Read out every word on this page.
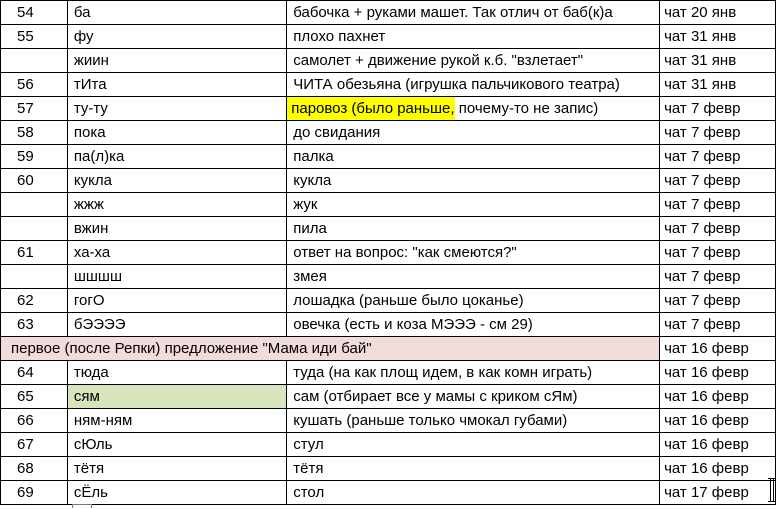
54	ба	бабочка + руками машет. Так отлич от баб(к)а	чат 20 янв
55	фу	плохо пахнет	чат 31 янв
	жиин	самолет + движение рукой к.б. "взлетает"	чат 31 янв
56	тИта	ЧИТА обезьяна (игрушка пальчикового театра)	чат 31 янв
57	ту-ту	паровоз (было раньше, почему-то не запис)	чат 7 февр
58	пока	до свидания	чат 7 февр
59	па(л)ка	палка	чат 7 февр
60	кукла	кукла	чат 7 февр
	жжж	жук	чат 7 февр
	вжин	пила	чат 7 февр
61	ха-ха	ответ на вопрос: "как смеются?"	чат 7 февр
	шшшш	змея	чат 7 февр
62	гогО	лошадка (раньше было цоканье)	чат 7 февр
63	бЭЭЭЭ	овечка (есть и коза МЭЭЭ - см 29)	чат 7 февр
первое (после Репки) предложение "Мама иди бай"			чат 16 февр
64	тюда	туда (на как площ идем, в как комн играть)	чат 16 февр
65	сям	сам (отбирает все у мамы с криком сЯм)	чат 16 февр
66	ням-ням	кушать (раньше только чмокал губами)	чат 16 февр
67	сЮль	стул	чат 16 февр
68	тётя	тётя	чат 16 февр
69	сЁль	стол	чат 17 февр
